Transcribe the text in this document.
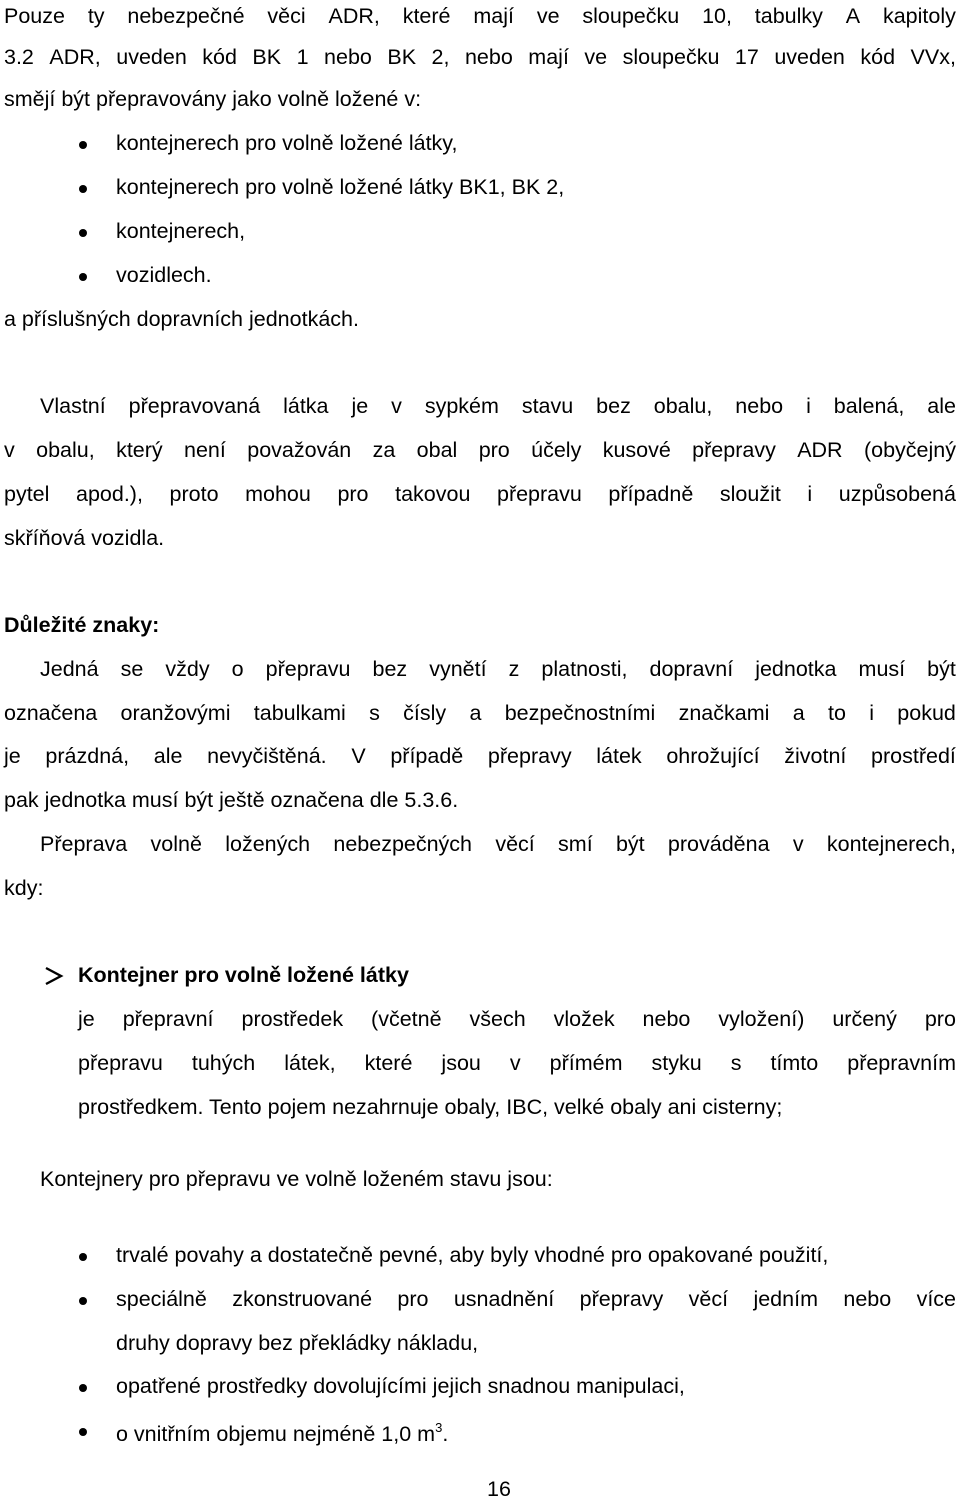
Pouze ty nebezpečné věci ADR, které mají ve sloupečku 10, tabulky A kapitoly
3.2 ADR, uveden kód BK 1 nebo BK 2, nebo mají ve sloupečku 17 uveden kód VVx,
smějí být přepravovány jako volně ložené v:
kontejnerech pro volně ložené látky,
kontejnerech pro volně ložené látky BK1, BK 2,
kontejnerech,
vozidlech.
a příslušných dopravních jednotkách.
Vlastní přepravovaná látka je v sypkém stavu bez obalu, nebo i balená, ale
v obalu, který není považován za obal pro účely kusové přepravy ADR (obyčejný
pytel apod.), proto mohou pro takovou přepravu případně sloužit i uzpůsobená
skříňová vozidla.
Důležité znaky:
Jedná se vždy o přepravu bez vynětí z platnosti, dopravní jednotka musí být
označena oranžovými tabulkami s čísly a bezpečnostními značkami a to i pokud
je prázdná, ale nevyčištěná. V případě přepravy látek ohrožující životní prostředí
pak jednotka musí být ještě označena dle 5.3.6.
Přeprava volně ložených nebezpečných věcí smí být prováděna v kontejnerech,
kdy:
Kontejner pro volně ložené látky
je přepravní prostředek (včetně všech vložek nebo vyložení) určený pro
přepravu tuhých látek, které jsou v přímém styku s tímto přepravním
prostředkem. Tento pojem nezahrnuje obaly, IBC, velké obaly ani cisterny;
Kontejnery pro přepravu ve volně loženém stavu jsou:
trvalé povahy a dostatečně pevné, aby byly vhodné pro opakované použití,
speciálně zkonstruované pro usnadnění přepravy věcí jedním nebo více
druhy dopravy bez překládky nákladu,
opatřené prostředky dovolujícími jejich snadnou manipulaci,
o vnitřním objemu nejméně 1,0 $m^3$.
16
